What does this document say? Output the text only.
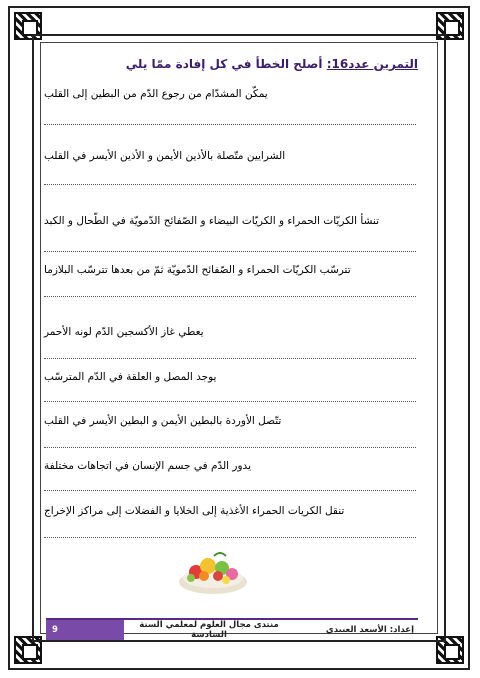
التمرين عدد16: أصلح الخطأ في كل إفادة ممّا يلي
يمكّن المشدّام من رجوع الدّم من البطين إلى القلب
الشرايين متّصلة بالأذين الأيمن و الأذين الأيسر في القلب
تنشأ الكريّات الحمراء و الكريّات البيضاء و الصّفائح الدّمويّة في الطّحال و الكبد
تترسّب الكريّات الحمراء و الصّفائح الدّمويّة ثمّ من بعدها تترسّب البلازما
يعطي غاز الأكسجين الدّم لونه الأحمر
يوجد المصل و العلقة في الدّم المترسّب
تتّصل الأوردة بالبطين الأيمن و البطين الأيسر في القلب
يدور الدّم في جسم الإنسان في اتجاهات مختلفة
تنقل الكريات الحمراء الأغذية إلى الخلايا و الفضلات إلى مراكز الإخراج
إعداد: الأسعد العبيدي
منتدى مجال العلوم لمعلمي السنة السادسة
9
